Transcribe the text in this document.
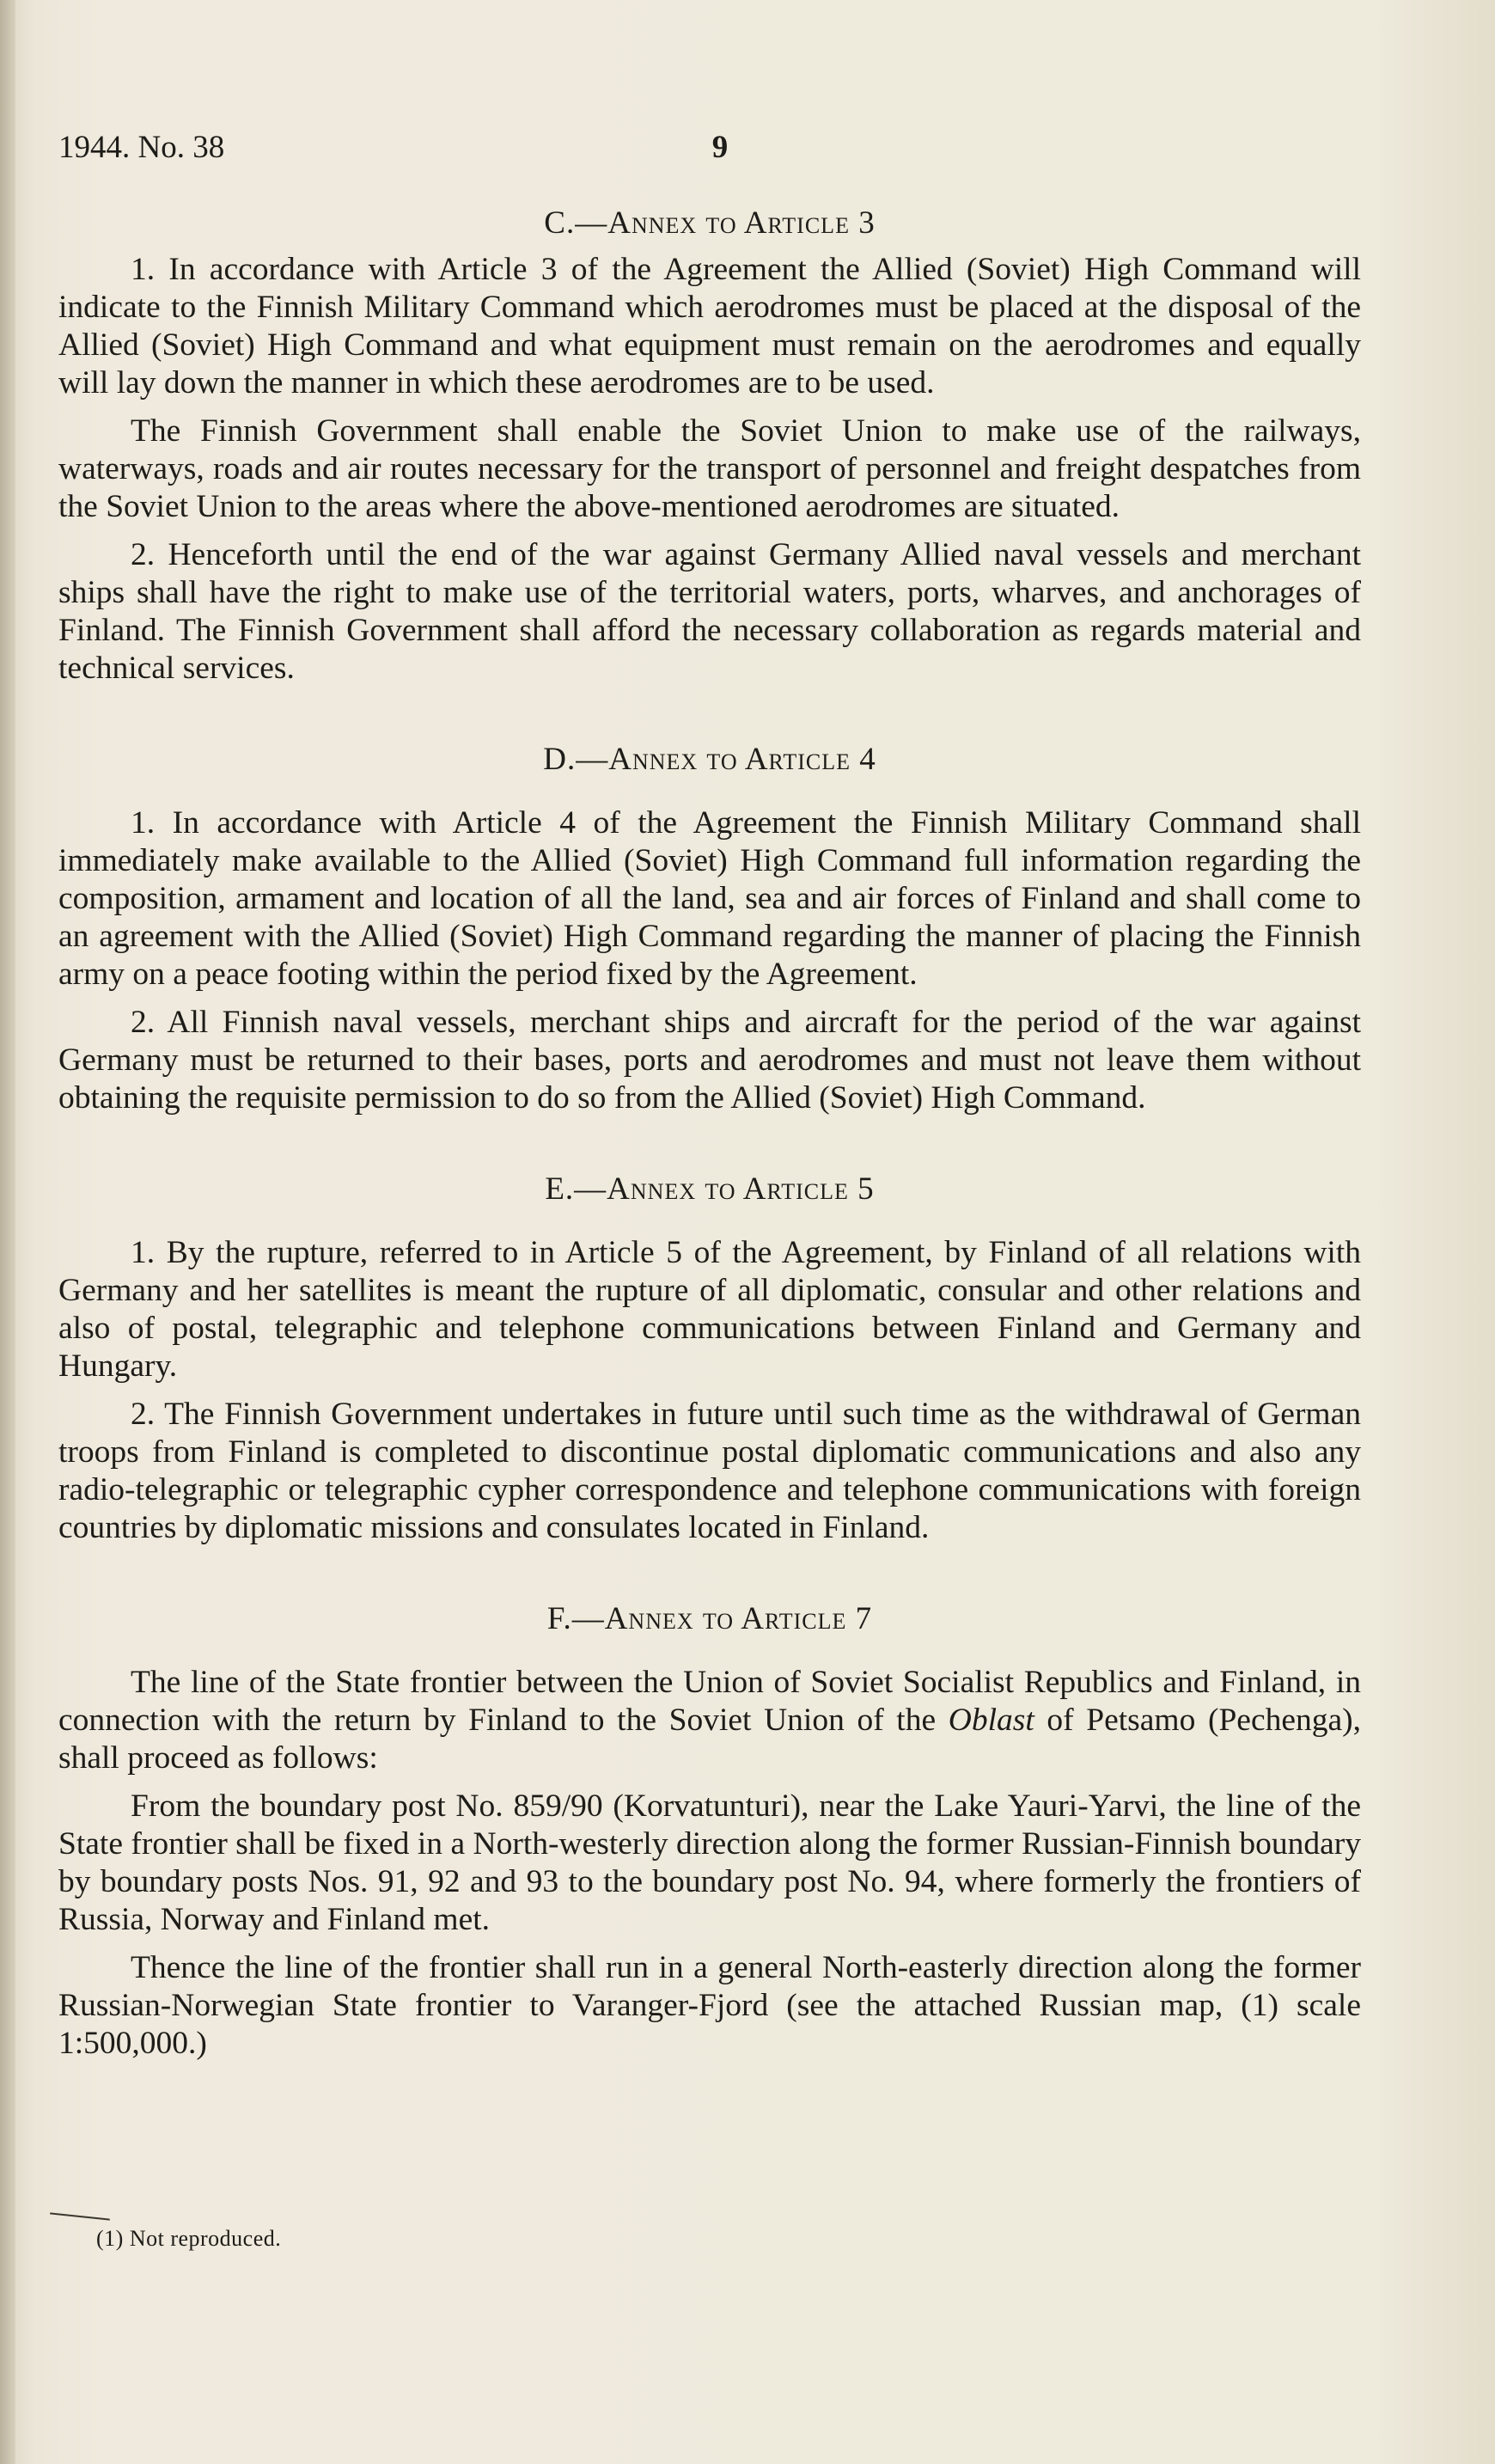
1944. No. 38	9
C.—Annex to Article 3

1. In accordance with Article 3 of the Agreement the Allied (Soviet) High Command will indicate to the Finnish Military Command which aerodromes must be placed at the disposal of the Allied (Soviet) High Command and what equipment must remain on the aerodromes and equally will lay down the manner in which these aerodromes are to be used.

The Finnish Government shall enable the Soviet Union to make use of the railways, waterways, roads and air routes necessary for the transport of personnel and freight despatches from the Soviet Union to the areas where the above-mentioned aerodromes are situated.

2. Henceforth until the end of the war against Germany Allied naval vessels and merchant ships shall have the right to make use of the territorial waters, ports, wharves, and anchorages of Finland. The Finnish Government shall afford the necessary collaboration as regards material and technical services.

D.—Annex to Article 4

1. In accordance with Article 4 of the Agreement the Finnish Military Command shall immediately make available to the Allied (Soviet) High Command full information regarding the composition, armament and location of all the land, sea and air forces of Finland and shall come to an agreement with the Allied (Soviet) High Command regarding the manner of placing the Finnish army on a peace footing within the period fixed by the Agreement.

2. All Finnish naval vessels, merchant ships and aircraft for the period of the war against Germany must be returned to their bases, ports and aerodromes and must not leave them without obtaining the requisite permission to do so from the Allied (Soviet) High Command.

E.—Annex to Article 5

1. By the rupture, referred to in Article 5 of the Agreement, by Finland of all relations with Germany and her satellites is meant the rupture of all diplomatic, consular and other relations and also of postal, telegraphic and telephone communications between Finland and Germany and Hungary.

2. The Finnish Government undertakes in future until such time as the withdrawal of German troops from Finland is completed to discontinue postal diplomatic communications and also any radio-telegraphic or telegraphic cypher correspondence and telephone communications with foreign countries by diplomatic missions and consulates located in Finland.

F.—Annex to Article 7

The line of the State frontier between the Union of Soviet Socialist Republics and Finland, in connection with the return by Finland to the Soviet Union of the Oblast of Petsamo (Pechenga), shall proceed as follows:

From the boundary post No. 859/90 (Korvatunturi), near the Lake Yauri-Yarvi, the line of the State frontier shall be fixed in a North-westerly direction along the former Russian-Finnish boundary by boundary posts Nos. 91, 92 and 93 to the boundary post No. 94, where formerly the frontiers of Russia, Norway and Finland met.

Thence the line of the frontier shall run in a general North-easterly direction along the former Russian-Norwegian State frontier to Varanger-Fjord (see the attached Russian map, (1) scale 1:500,000.)

(1) Not reproduced.
